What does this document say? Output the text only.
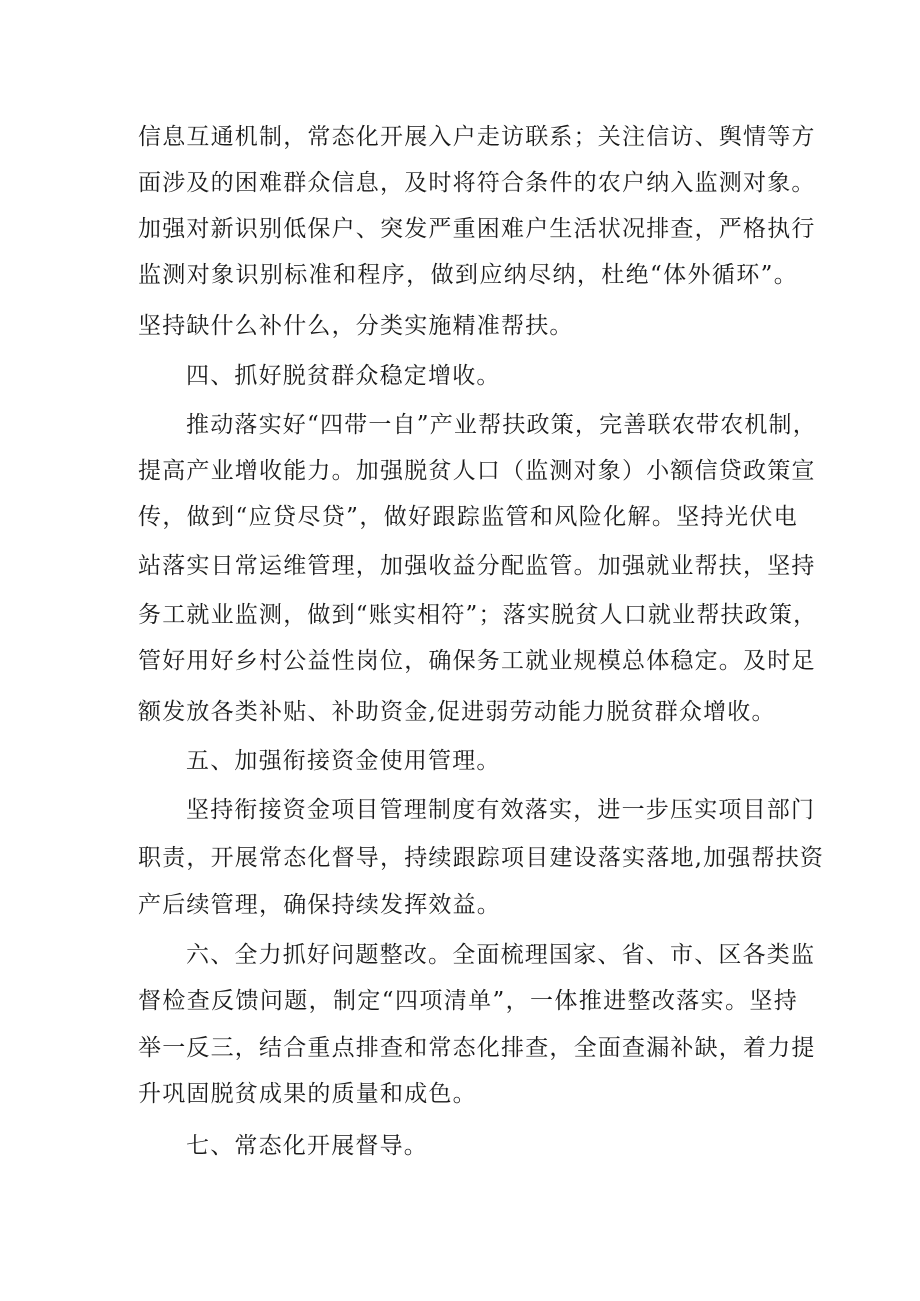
信息互通机制，常态化开展入户走访联系；关注信访、舆情等方
面涉及的困难群众信息，及时将符合条件的农户纳入监测对象。
加强对新识别低保户、突发严重困难户生活状况排查，严格执行
监测对象识别标准和程序，做到应纳尽纳，杜绝“体外循环”。
坚持缺什么补什么，分类实施精准帮扶。
四、抓好脱贫群众稳定增收。
推动落实好“四带一自”产业帮扶政策，完善联农带农机制，
提高产业增收能力。加强脱贫人口（监测对象）小额信贷政策宣
传，做到“应贷尽贷”，做好跟踪监管和风险化解。坚持光伏电
站落实日常运维管理，加强收益分配监管。加强就业帮扶，坚持
务工就业监测，做到“账实相符”；落实脱贫人口就业帮扶政策，
管好用好乡村公益性岗位，确保务工就业规模总体稳定。及时足
额发放各类补贴、补助资金,促进弱劳动能力脱贫群众增收。
五、加强衔接资金使用管理。
坚持衔接资金项目管理制度有效落实，进一步压实项目部门
职责，开展常态化督导，持续跟踪项目建设落实落地,加强帮扶资
产后续管理，确保持续发挥效益。
六、全力抓好问题整改。全面梳理国家、省、市、区各类监
督检查反馈问题，制定“四项清单”，一体推进整改落实。坚持
举一反三，结合重点排查和常态化排查，全面查漏补缺，着力提
升巩固脱贫成果的质量和成色。
七、常态化开展督导。
